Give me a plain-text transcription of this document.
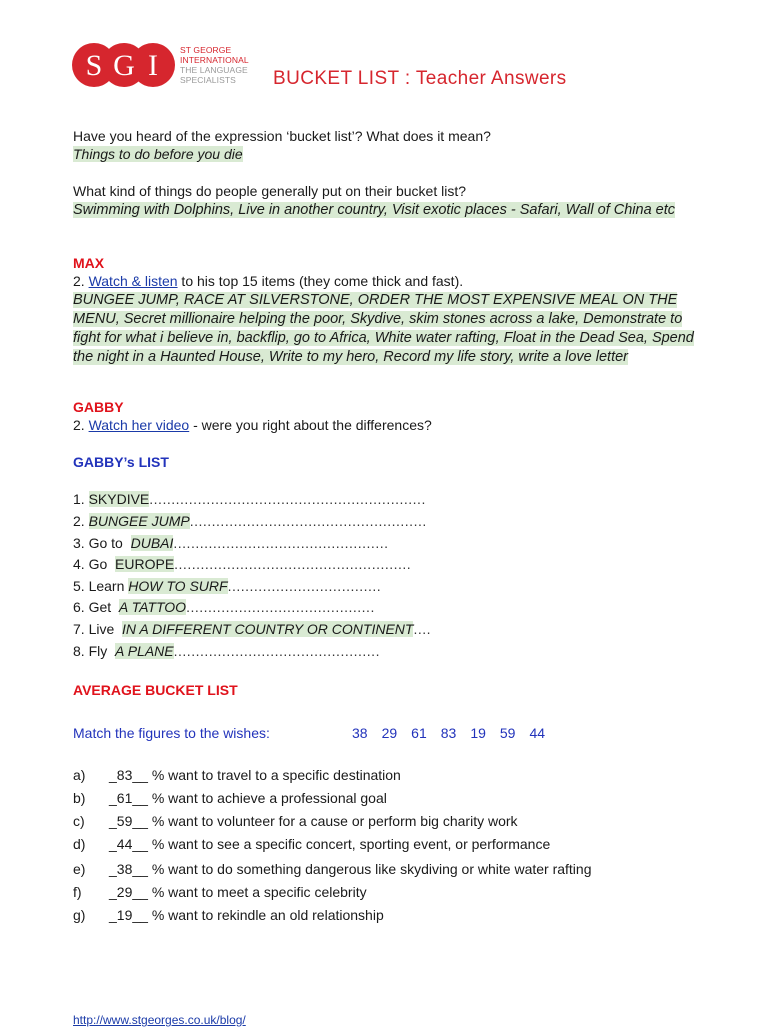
S G I	ST GEORGE
INTERNATIONAL
THE LANGUAGE
SPECIALISTS	BUCKET LIST : Teacher Answers
Have you heard of the expression ‘bucket list’? What does it mean?
Things to do before you die
What kind of things do people generally put on their bucket list?
Swimming with Dolphins, Live in another country, Visit exotic places - Safari, Wall of China etc
MAX
2. Watch & listen to his top 15 items (they come thick and fast).
BUNGEE JUMP, RACE AT SILVERSTONE, ORDER THE MOST EXPENSIVE MEAL ON THE MENU, Secret millionaire helping the poor, Skydive, skim stones across a lake, Demonstrate to fight for what i believe in, backflip, go to Africa, White water rafting, Float in the Dead Sea, Spend the night in a Haunted House, Write to my hero, Record my life story, write a love letter
GABBY
2. Watch her video - were you right about the differences?
GABBY’s LIST
1. SKYDIVE...............................................................
2. BUNGEE JUMP......................................................
3. Go to  DUBAI.................................................
4. Go  EUROPE......................................................
5. Learn HOW TO SURF...................................
6. Get  A TATTOO...........................................
7. Live  IN A DIFFERENT COUNTRY OR CONTINENT....
8. Fly  A PLANE...............................................
AVERAGE BUCKET LIST
Match the figures to the wishes:	38 29 61 83 19 59 44
a) _83__ % want to travel to a specific destination
b) _61__ % want to achieve a professional goal
c) _59__ % want to volunteer for a cause or perform big charity work
d) _44__ % want to see a specific concert, sporting event, or performance
e) _38__ % want to do something dangerous like skydiving or white water rafting
f) _29__ % want to meet a specific celebrity
g) _19__ % want to rekindle an old relationship
http://www.stgeorges.co.uk/blog/
